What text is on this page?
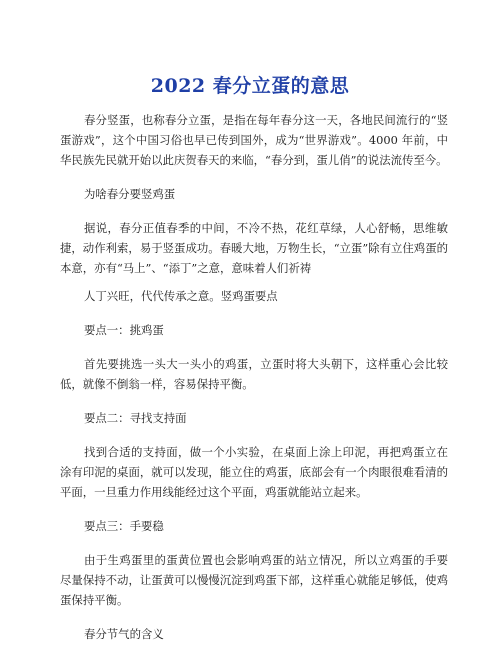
2022 春分立蛋的意思

春分竖蛋，也称春分立蛋，是指在每年春分这一天，各地民间流行的“竖蛋游戏”，这个中国习俗也早已传到国外，成为“世界游戏”。4000 年前，中华民族先民就开始以此庆贺春天的来临，“春分到，蛋儿俏”的说法流传至今。

为啥春分要竖鸡蛋

据说，春分正值春季的中间，不冷不热，花红草绿，人心舒畅，思维敏捷，动作利索，易于竖蛋成功。春暖大地，万物生长，“立蛋”除有立住鸡蛋的本意，亦有“马上”、“添丁”之意，意味着人们祈祷

人丁兴旺，代代传承之意。竖鸡蛋要点

要点一：挑鸡蛋

首先要挑选一头大一头小的鸡蛋，立蛋时将大头朝下，这样重心会比较低，就像不倒翁一样，容易保持平衡。

要点二：寻找支持面

找到合适的支持面，做一个小实验，在桌面上涂上印泥，再把鸡蛋立在涂有印泥的桌面，就可以发现，能立住的鸡蛋，底部会有一个肉眼很难看清的平面，一旦重力作用线能经过这个平面，鸡蛋就能站立起来。

要点三：手要稳

由于生鸡蛋里的蛋黄位置也会影响鸡蛋的站立情况，所以立鸡蛋的手要尽量保持不动，让蛋黄可以慢慢沉淀到鸡蛋下部，这样重心就能足够低，使鸡蛋保持平衡。

春分节气的含义
